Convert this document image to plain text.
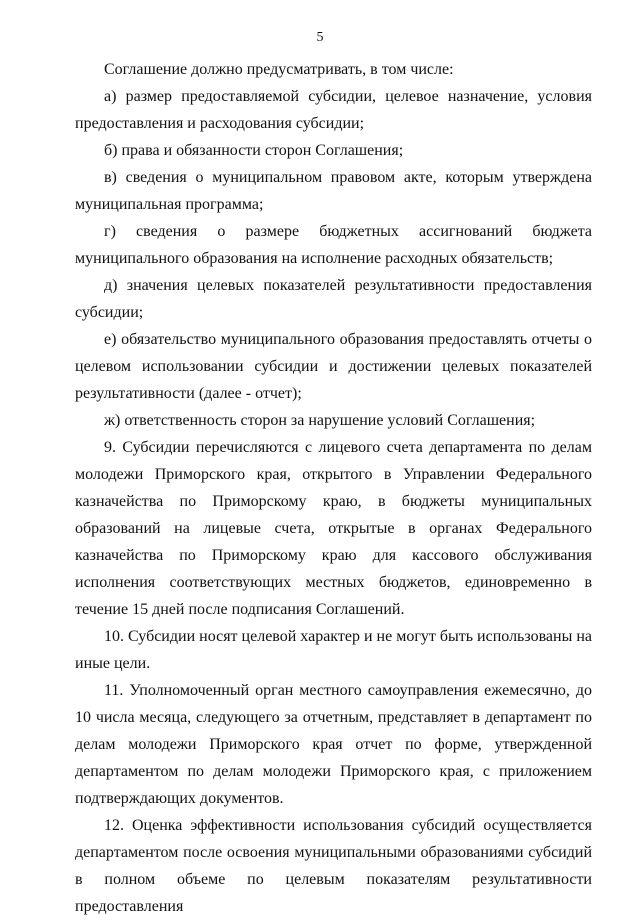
5

Соглашение должно предусматривать, в том числе:

а) размер предоставляемой субсидии, целевое назначение, условия предоставления и расходования субсидии;

б) права и обязанности сторон Соглашения;

в) сведения о муниципальном правовом акте, которым утверждена муниципальная программа;

г) сведения о размере бюджетных ассигнований бюджета муниципального образования на исполнение расходных обязательств;

д) значения целевых показателей результативности предоставления субсидии;

е) обязательство муниципального образования предоставлять отчеты о целевом использовании субсидии и достижении целевых показателей результативности (далее - отчет);

ж) ответственность сторон за нарушение условий Соглашения;

9. Субсидии перечисляются с лицевого счета департамента по делам молодежи Приморского края, открытого в Управлении Федерального казначейства по Приморскому краю, в бюджеты муниципальных образований на лицевые счета, открытые в органах Федерального казначейства по Приморскому краю для кассового обслуживания исполнения соответствующих местных бюджетов, единовременно в течение 15 дней после подписания Соглашений.

10. Субсидии носят целевой характер и не могут быть использованы на иные цели.

11. Уполномоченный орган местного самоуправления ежемесячно, до 10 числа месяца, следующего за отчетным, представляет в департамент по делам молодежи Приморского края отчет по форме, утвержденной департаментом по делам молодежи Приморского края, с приложением подтверждающих документов.

12. Оценка эффективности использования субсидий осуществляется департаментом после освоения муниципальными образованиями субсидий в полном объеме по целевым показателям результативности предоставления
